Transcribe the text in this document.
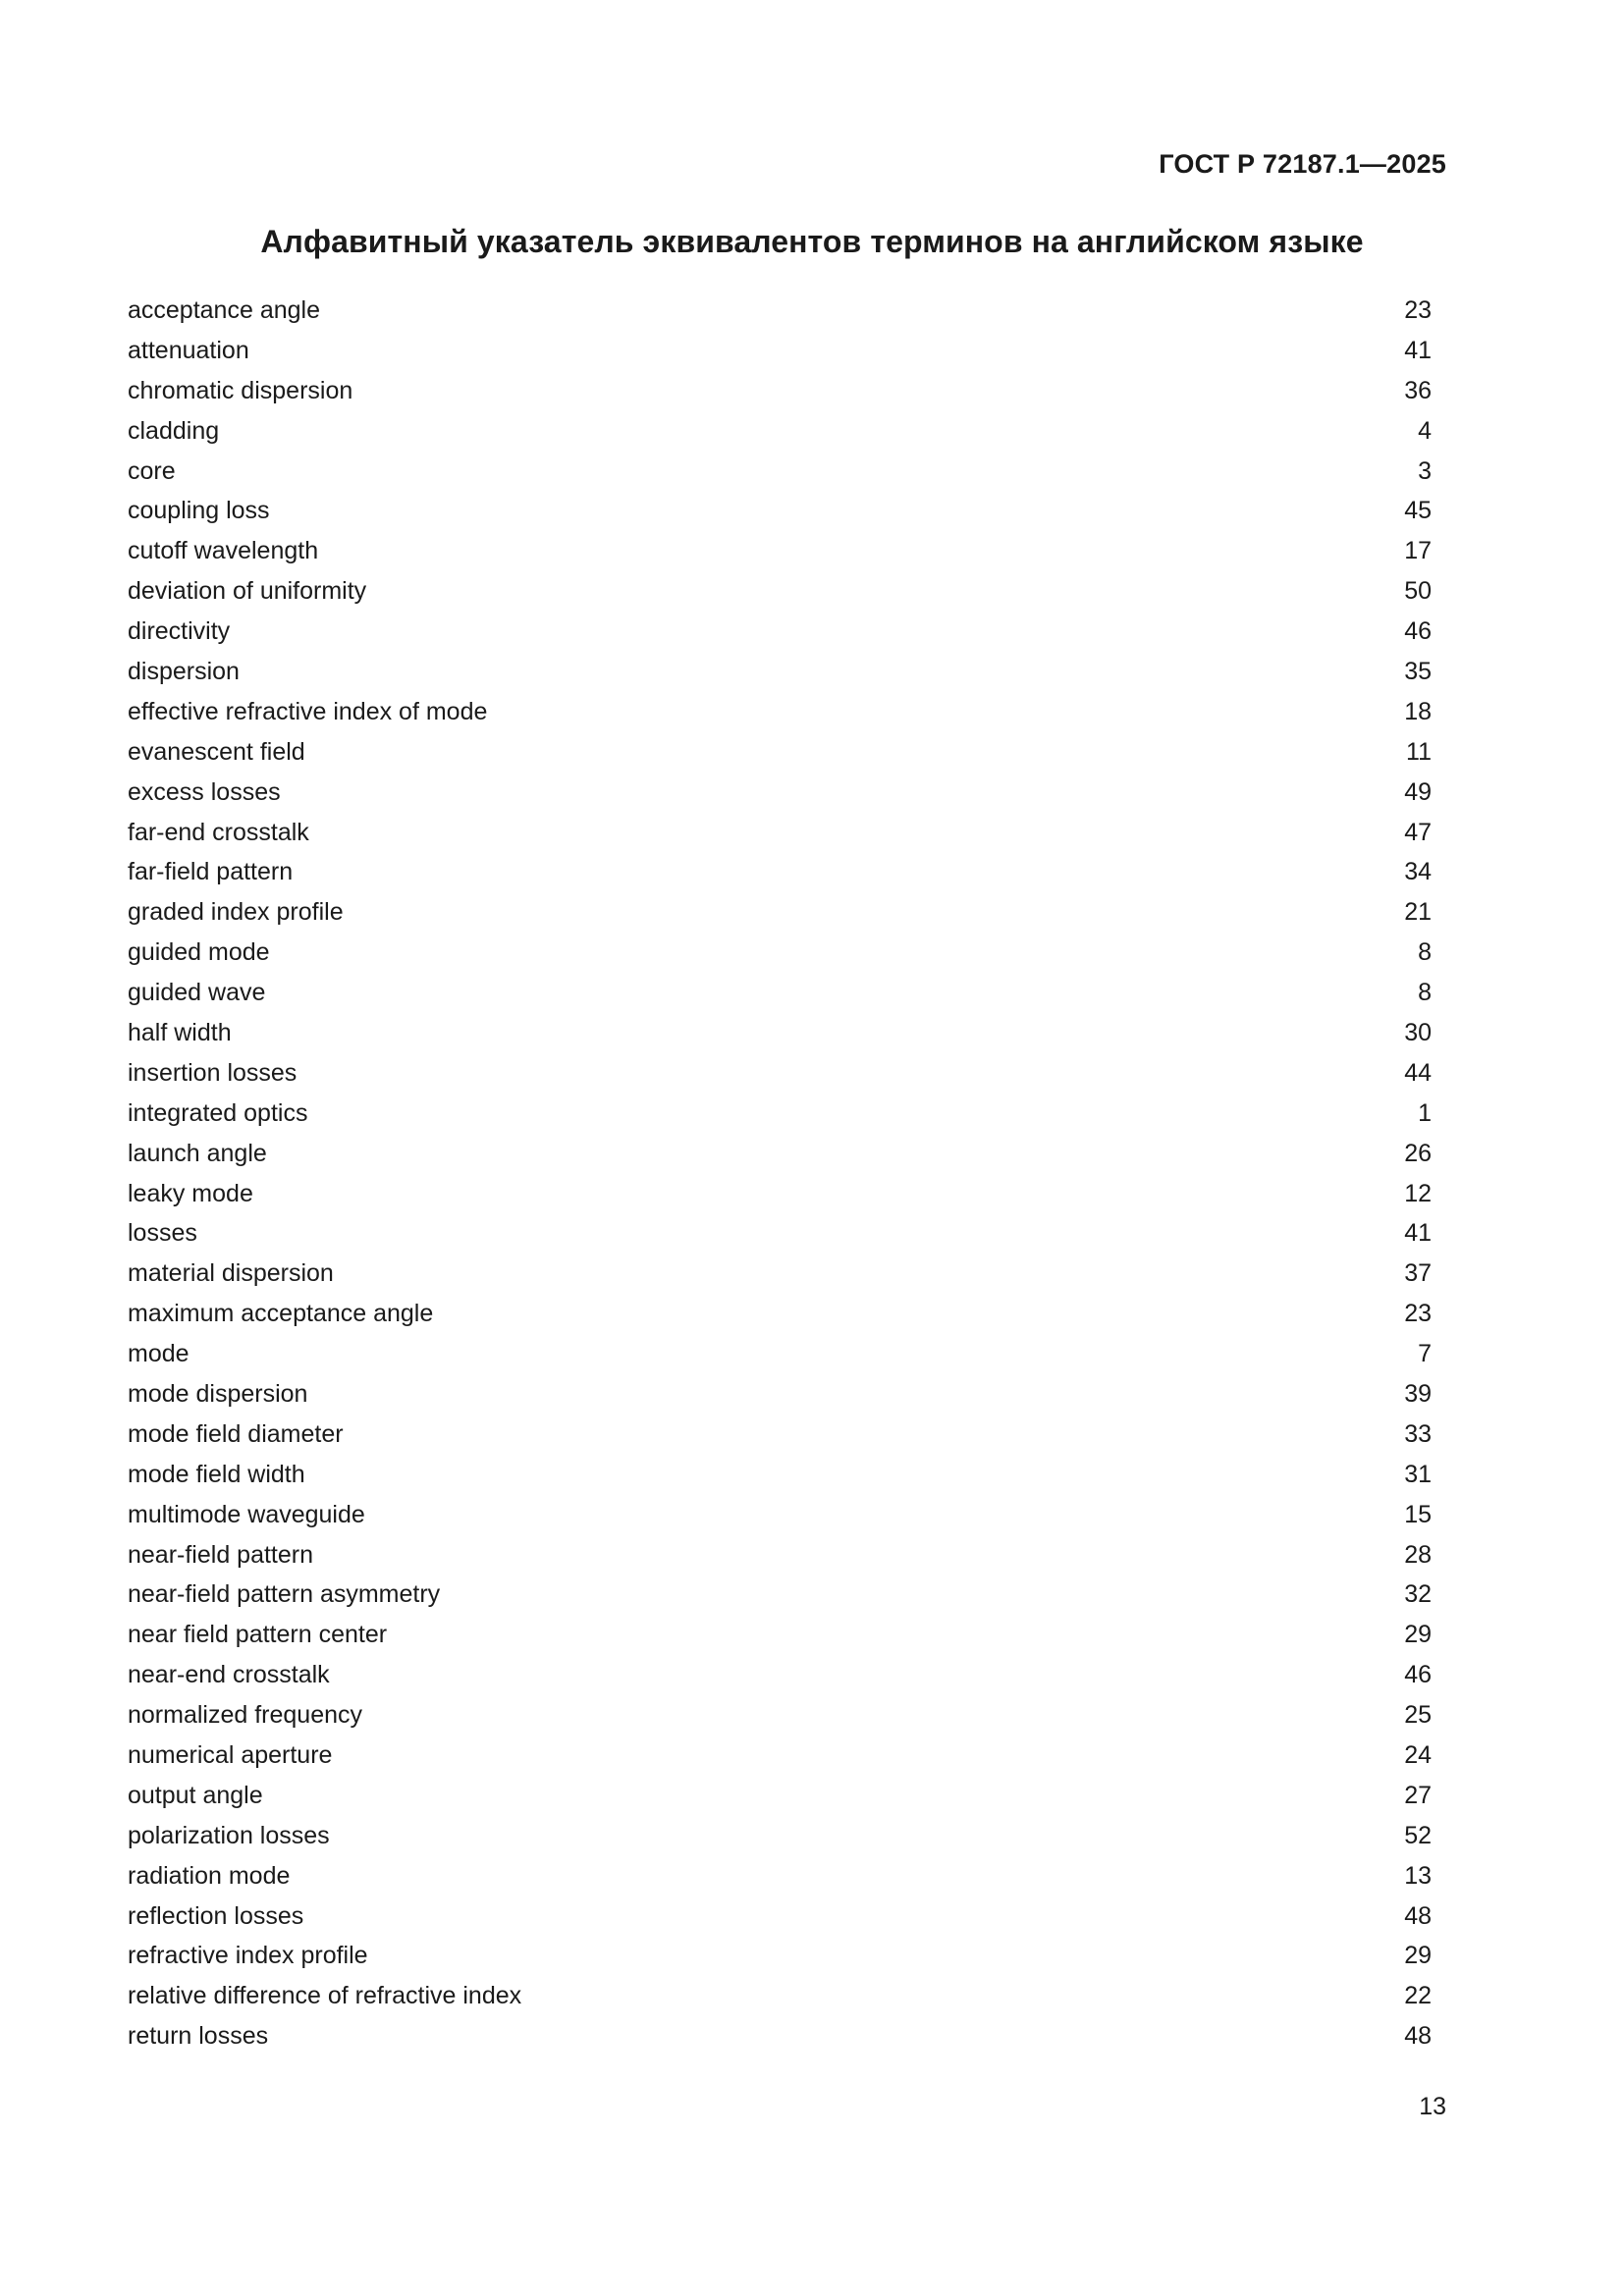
ГОСТ Р 72187.1—2025
Алфавитный указатель эквивалентов терминов на английском языке
acceptance angle	23
attenuation	41
chromatic dispersion	36
cladding	4
core	3
coupling loss	45
cutoff wavelength	17
deviation of uniformity	50
directivity	46
dispersion	35
effective refractive index of mode	18
evanescent field	11
excess losses	49
far-end crosstalk	47
far-field pattern	34
graded index profile	21
guided mode	8
guided wave	8
half width	30
insertion losses	44
integrated optics	1
launch angle	26
leaky mode	12
losses	41
material dispersion	37
maximum acceptance angle	23
mode	7
mode dispersion	39
mode field diameter	33
mode field width	31
multimode waveguide	15
near-field pattern	28
near-field pattern asymmetry	32
near field pattern center	29
near-end crosstalk	46
normalized frequency	25
numerical aperture	24
output angle	27
polarization losses	52
radiation mode	13
reflection losses	48
refractive index profile	29
relative difference of refractive index	22
return losses	48
13
